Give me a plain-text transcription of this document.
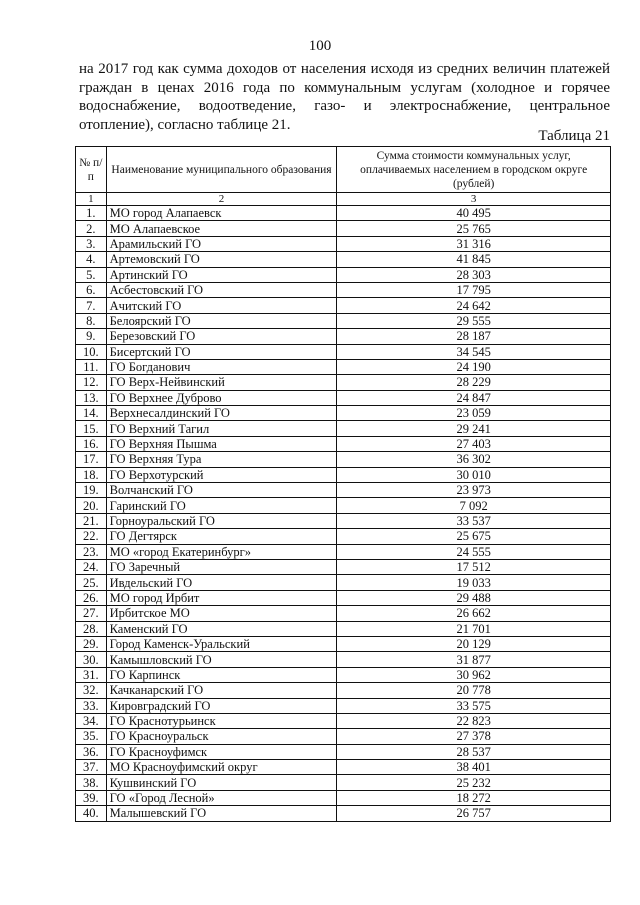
100

на 2017 год как сумма доходов от населения исходя из средних величин платежей граждан в ценах 2016 года по коммунальным услугам (холодное и горячее водоснабжение, водоотведение, газо- и электроснабжение, центральное отопление), согласно таблице 21.

Таблица 21
№ п/п	Наименование муниципального образования	Сумма стоимости коммунальных услуг, оплачиваемых населением в городском округе (рублей)
1	2	3
1.	МО город Алапаевск	40 495
2.	МО Алапаевское	25 765
3.	Арамильский ГО	31 316
4.	Артемовский ГО	41 845
5.	Артинский ГО	28 303
6.	Асбестовский ГО	17 795
7.	Ачитский ГО	24 642
8.	Белоярский ГО	29 555
9.	Березовский ГО	28 187
10.	Бисертский ГО	34 545
11.	ГО Богданович	24 190
12.	ГО Верх-Нейвинский	28 229
13.	ГО Верхнее Дуброво	24 847
14.	Верхнесалдинский ГО	23 059
15.	ГО Верхний Тагил	29 241
16.	ГО Верхняя Пышма	27 403
17.	ГО Верхняя Тура	36 302
18.	ГО Верхотурский	30 010
19.	Волчанский ГО	23 973
20.	Гаринский ГО	7 092
21.	Горноуральский ГО	33 537
22.	ГО Дегтярск	25 675
23.	МО «город Екатеринбург»	24 555
24.	ГО Заречный	17 512
25.	Ивдельский ГО	19 033
26.	МО город Ирбит	29 488
27.	Ирбитское МО	26 662
28.	Каменский ГО	21 701
29.	Город Каменск-Уральский	20 129
30.	Камышловский ГО	31 877
31.	ГО Карпинск	30 962
32.	Качканарский ГО	20 778
33.	Кировградский ГО	33 575
34.	ГО Краснотурьинск	22 823
35.	ГО Красноуральск	27 378
36.	ГО Красноуфимск	28 537
37.	МО Красноуфимский округ	38 401
38.	Кушвинский ГО	25 232
39.	ГО «Город Лесной»	18 272
40.	Малышевский ГО	26 757
